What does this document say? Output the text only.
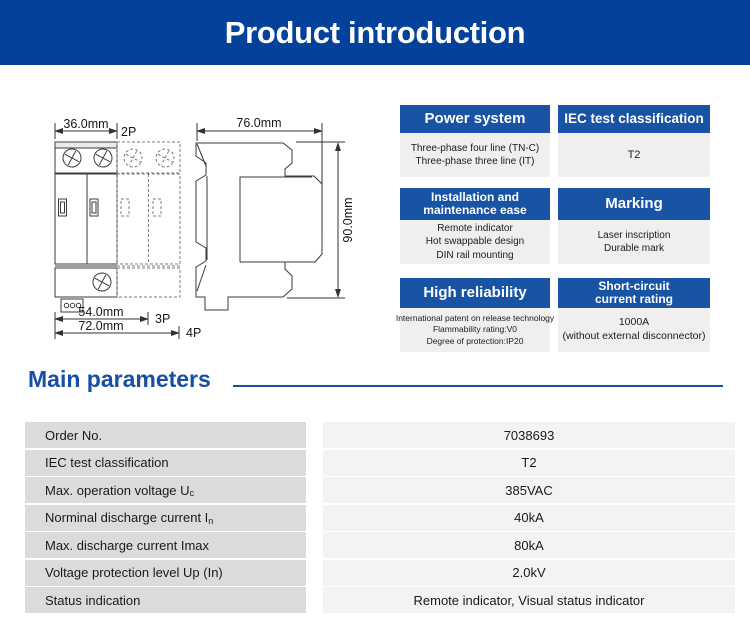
Product introduction
36.0mm
2P
54.0mm	3P
72.0mm	4P
76.0mm
90.0mm
Power system
Three-phase four line (TN-C)
Three-phase three line (IT)
IEC test classification
T2
Installation and
maintenance ease
Remote indicator
Hot swappable design
DIN rail mounting
Marking
Laser inscription
Durable mark
High reliability
International patent on release technology
Flammability rating:V0
Degree of protection:IP20
Short-circuit
current rating
1000A
(without external disconnector)
Main parameters
Order No.	7038693
IEC test classification	T2
Max. operation voltage U c	385VAC
Norminal discharge current I n	40kA
Max. discharge current Imax	80kA
Voltage protection level Up (In)	2.0kV
Status indication	Remote indicator, Visual status indicator
